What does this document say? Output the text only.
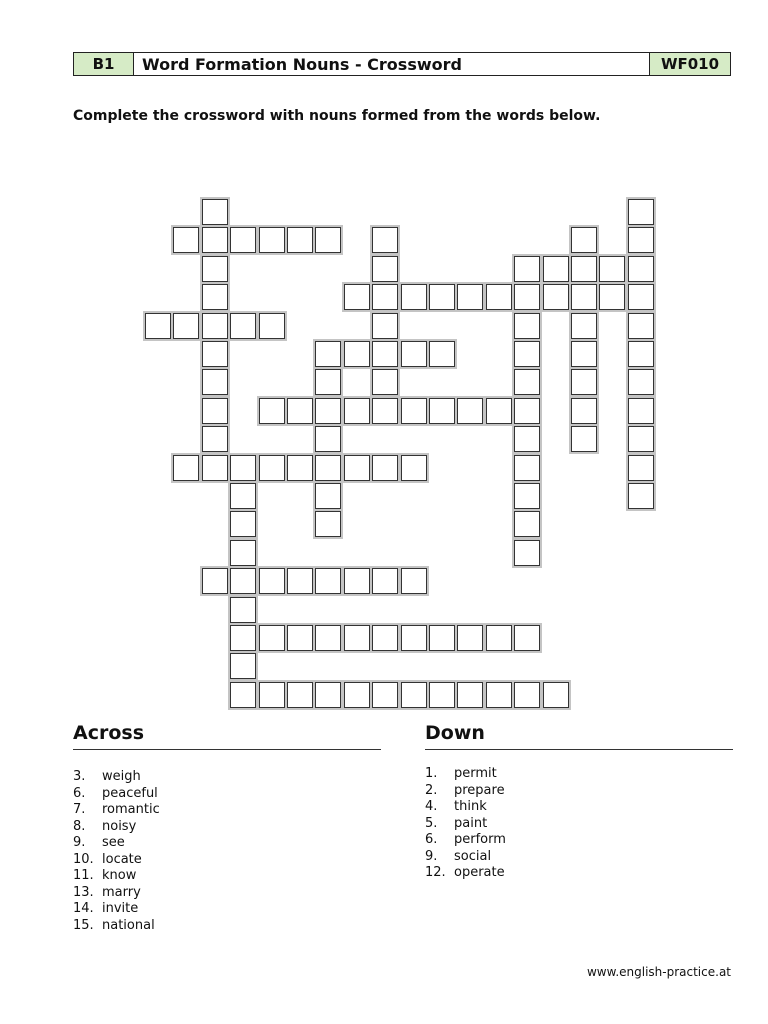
B1	Word Formation Nouns - Crossword	WF010
Complete the crossword with nouns formed from the words below.
Across
3.	weigh
6.	peaceful
7.	romantic
8.	noisy
9.	see
10. locate
11. know
13. marry
14. invite
15. national
Down
1.	permit
2.	prepare
4.	think
5.	paint
6.	perform
9.	social
12. operate
www.english-practice.at
